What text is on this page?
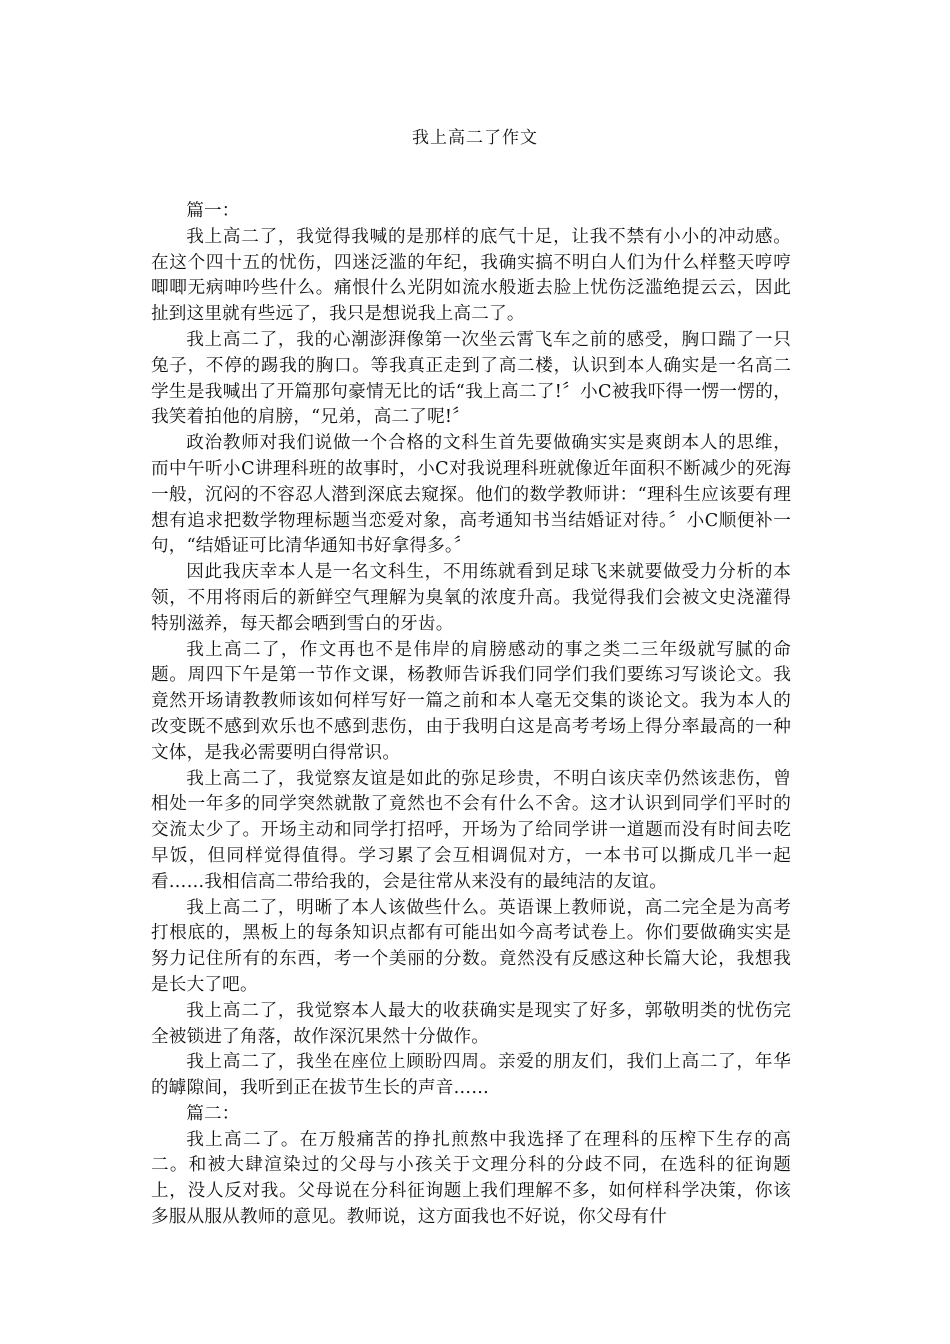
我上高二了作文

篇一：

我上高二了，我觉得我喊的是那样的底气十足，让我不禁有小小的冲动感。在这个四十五的忧伤，四迷泛滥的年纪，我确实搞不明白人们为什么样整天哼哼唧唧无病呻吟些什么。痛恨什么光阴如流水般逝去脸上忧伤泛滥绝提云云，因此扯到这里就有些远了，我只是想说我上高二了。

我上高二了，我的心潮澎湃像第一次坐云霄飞车之前的感受，胸口踹了一只兔子，不停的踢我的胸口。等我真正走到了高二楼，认识到本人确实是一名高二学生是我喊出了开篇那句豪情无比的话“我上高二了!〞小C被我吓得一愣一愣的，我笑着拍他的肩膀，“兄弟，高二了呢!〞

政治教师对我们说做一个合格的文科生首先要做确实实是爽朗本人的思维，而中午听小C讲理科班的故事时，小C对我说理科班就像近年面积不断减少的死海一般，沉闷的不容忍人潜到深底去窥探。他们的数学教师讲：“理科生应该要有理想有追求把数学物理标题当恋爱对象，高考通知书当结婚证对待。〞小C顺便补一句，“结婚证可比清华通知书好拿得多。〞

因此我庆幸本人是一名文科生，不用练就看到足球飞来就要做受力分析的本领，不用将雨后的新鲜空气理解为臭氧的浓度升高。我觉得我们会被文史浇灌得特别滋养，每天都会晒到雪白的牙齿。

我上高二了，作文再也不是伟岸的肩膀感动的事之类二三年级就写腻的命题。周四下午是第一节作文课，杨教师告诉我们同学们我们要练习写谈论文。我竟然开场请教教师该如何样写好一篇之前和本人毫无交集的谈论文。我为本人的改变既不感到欢乐也不感到悲伤，由于我明白这是高考考场上得分率最高的一种文体，是我必需要明白得常识。

我上高二了，我觉察友谊是如此的弥足珍贵，不明白该庆幸仍然该悲伤，曾相处一年多的同学突然就散了竟然也不会有什么不舍。这才认识到同学们平时的交流太少了。开场主动和同学打招呼，开场为了给同学讲一道题而没有时间去吃早饭，但同样觉得值得。学习累了会互相调侃对方，一本书可以撕成几半一起看……我相信高二带给我的，会是往常从来没有的最纯洁的友谊。

我上高二了，明晰了本人该做些什么。英语课上教师说，高二完全是为高考打根底的，黑板上的每条知识点都有可能出如今高考试卷上。你们要做确实实是努力记住所有的东西，考一个美丽的分数。竟然没有反感这种长篇大论，我想我是长大了吧。

我上高二了，我觉察本人最大的收获确实是现实了好多，郭敬明类的忧伤完全被锁进了角落，故作深沉果然十分做作。

我上高二了，我坐在座位上顾盼四周。亲爱的朋友们，我们上高二了，年华的罅隙间，我听到正在拔节生长的声音……

篇二：

我上高二了。在万般痛苦的挣扎煎熬中我选择了在理科的压榨下生存的高二。和被大肆渲染过的父母与小孩关于文理分科的分歧不同，在选科的征询题上，没人反对我。父母说在分科征询题上我们理解不多，如何样科学决策，你该多服从服从教师的意见。教师说，这方面我也不好说，你父母有什
